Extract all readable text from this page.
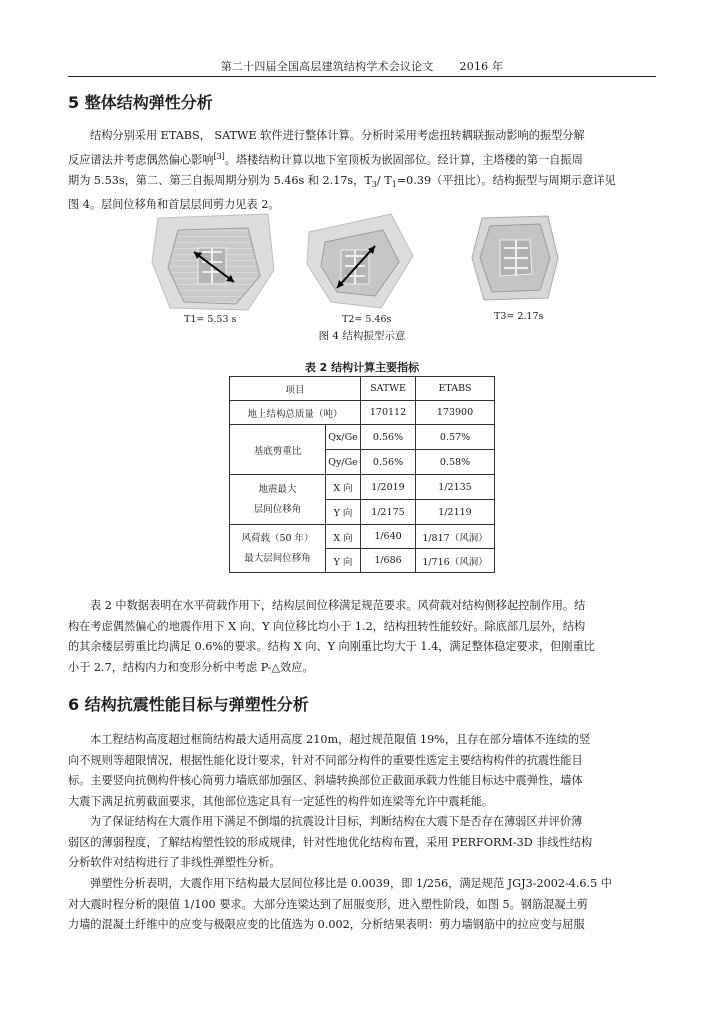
第二十四届全国高层建筑结构学术会议论文 2016 年
5 整体结构弹性分析
结构分别采用 ETABS， SATWE 软件进行整体计算。分析时采用考虑扭转耦联振动影响的振型分解
反应谱法并考虑偶然偏心影响[3]。塔楼结构计算以地下室顶板为嵌固部位。经计算，主塔楼的第一自振周
期为 5.53s，第二、第三自振周期分别为 5.46s 和 2.17s，$T_3/$ $T_1=0.39$（平扭比）。结构振型与周期示意详见
图 4。层间位移角和首层层间剪力见表 2。
T1= 5.53 s	T2= 5.46s	T3= 2.17s
图 4 结构振型示意
表 2 结构计算主要指标
项目		SATWE	ETABS
地上结构总质量（吨）		170112	173900
基底剪重比	Qx/Ge	0.56%	0.57%
	Qy/Ge	0.56%	0.58%
地震最大
层间位移角	X 向	1/2019	1/2135
	Y 向	1/2175	1/2119
风荷载（50 年）
最大层间位移角	X 向	1/640	1/817（风洞）
	Y 向	1/686	1/716（风洞）
表 2 中数据表明在水平荷载作用下，结构层间位移满足规范要求。风荷载对结构侧移起控制作用。结
构在考虑偶然偏心的地震作用下 X 向、Y 向位移比均小于 1.2，结构扭转性能较好。除底部几层外，结构
的其余楼层剪重比均满足 0.6%的要求。结构 X 向、Y 向刚重比均大于 1.4，满足整体稳定要求，但刚重比
小于 2.7，结构内力和变形分析中考虑 P-△效应。
6 结构抗震性能目标与弹塑性分析
本工程结构高度超过框筒结构最大适用高度 210m，超过规范限值 19%，且存在部分墙体不连续的竖
向不规则等超限情况，根据性能化设计要求，针对不同部分构件的重要性选定主要结构构件的抗震性能目
标。主要竖向抗侧构件核心筒剪力墙底部加强区、斜墙转换部位正截面承载力性能目标达中震弹性，墙体
大震下满足抗剪截面要求，其他部位选定具有一定延性的构件如连梁等允许中震耗能。
为了保证结构在大震作用下满足不倒塌的抗震设计目标，判断结构在大震下是否存在薄弱区并评价薄
弱区的薄弱程度，了解结构塑性铰的形成规律，针对性地优化结构布置，采用 PERFORM-3D 非线性结构
分析软件对结构进行了非线性弹塑性分析。
弹塑性分析表明，大震作用下结构最大层间位移比是 0.0039，即 1/256，满足规范 JGJ3-2002-4.6.5 中
对大震时程分析的限值 1/100 要求。大部分连梁达到了屈服变形，进入塑性阶段，如图 5。钢筋混凝土剪
力墙的混凝土纤维中的应变与极限应变的比值选为 0.002，分析结果表明：剪力墙钢筋中的拉应变与屈服
